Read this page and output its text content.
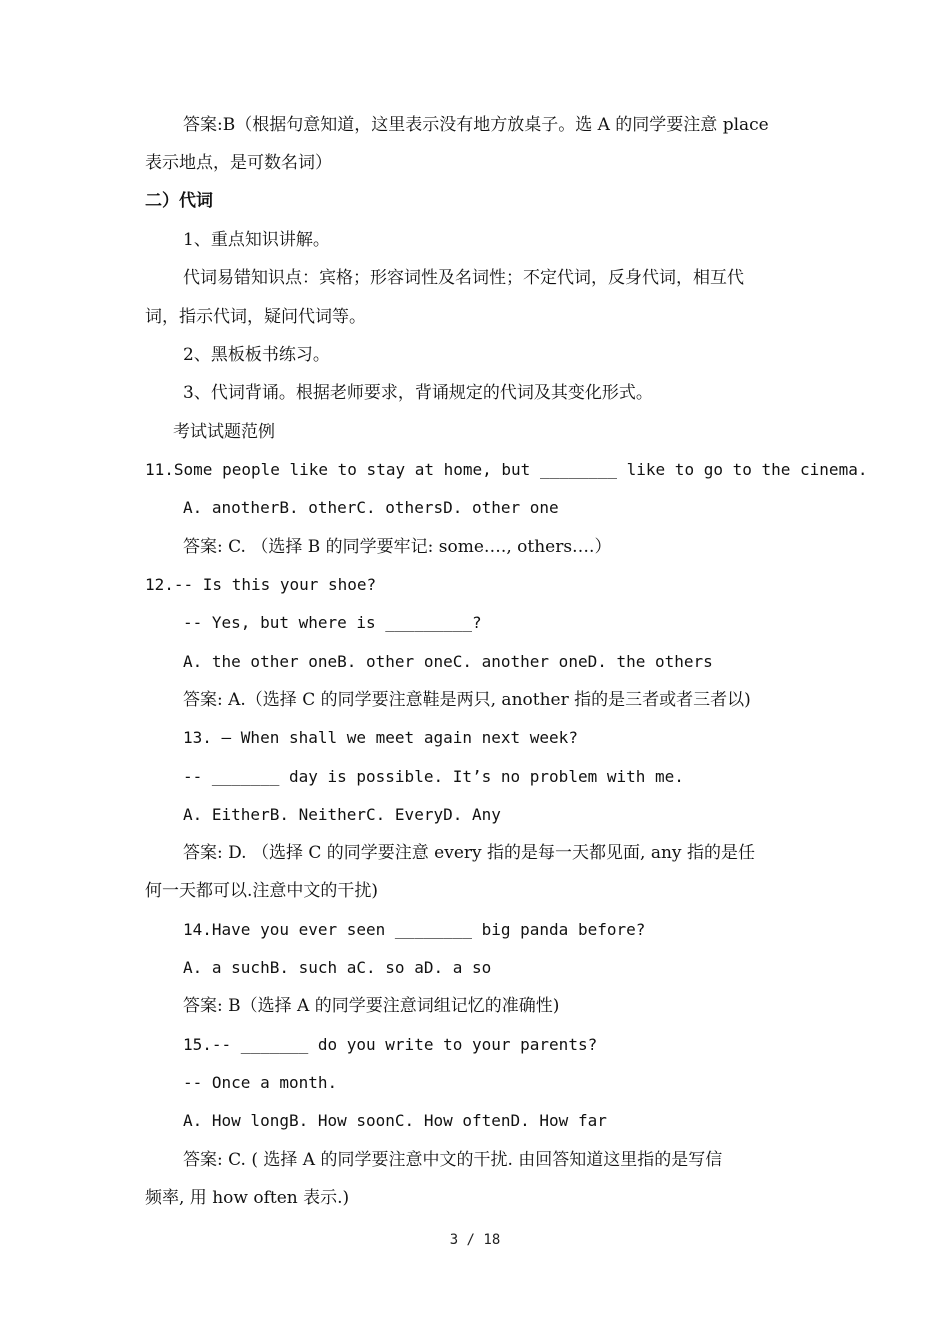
答案:B（根据句意知道，这里表示没有地方放桌子。选 A 的同学要注意 place
表示地点，是可数名词）
二）代词
1、重点知识讲解。
代词易错知识点：宾格；形容词性及名词性；不定代词，反身代词，相互代
词，指示代词，疑问代词等。
2、黑板板书练习。
3、代词背诵。根据老师要求，背诵规定的代词及其变化形式。
考试试题范例
11.Some people like to stay at home, but ________ like to go to the cinema.
A. anotherB. otherC. othersD. other one
答案: C. （选择 B 的同学要牢记: some…., others….）
12.-- Is this your shoe?
-- Yes, but where is _________?
A. the other oneB. other oneC. another oneD. the others
答案: A.（选择 C 的同学要注意鞋是两只, another 指的是三者或者三者以)
13. – When shall we meet again next week?
-- _______ day is possible. It’s no problem with me.
A. EitherB. NeitherC. EveryD. Any
答案: D. （选择 C 的同学要注意 every 指的是每一天都见面, any 指的是任
何一天都可以.注意中文的干扰)
14.Have you ever seen ________ big panda before?
A. a suchB. such aC. so aD. a so
答案: B（选择 A 的同学要注意词组记忆的准确性)
15.-- _______ do you write to your parents?
-- Once a month.
A. How longB. How soonC. How oftenD. How far
答案: C. ( 选择 A 的同学要注意中文的干扰. 由回答知道这里指的是写信
频率, 用 how often 表示.)
3 / 18
